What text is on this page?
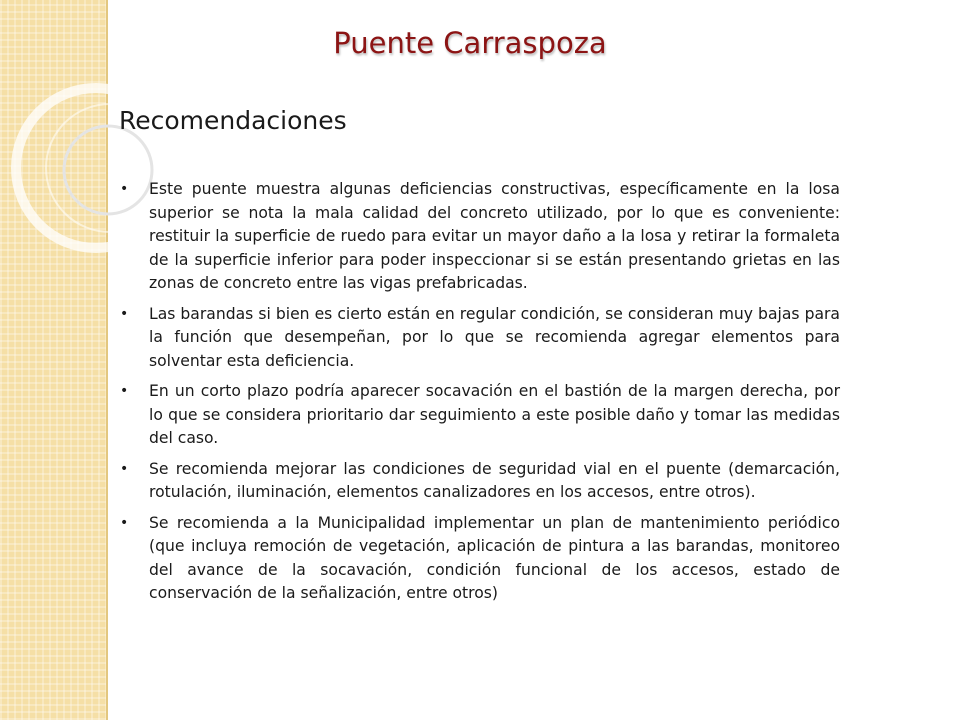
Puente Carraspoza
Recomendaciones
• Este puente muestra algunas deficiencias constructivas, específicamente en la losa superior se nota la mala calidad del concreto utilizado, por lo que es conveniente: restituir la superficie de ruedo para evitar un mayor daño a la losa y retirar la formaleta de la superficie inferior para poder inspeccionar si se están presentando grietas en las zonas de concreto entre las vigas prefabricadas.
• Las barandas si bien es cierto están en regular condición, se consideran muy bajas para la función que desempeñan, por lo que se recomienda agregar elementos para solventar esta deficiencia.
• En un corto plazo podría aparecer socavación en el bastión de la margen derecha, por lo que se considera prioritario dar seguimiento a este posible daño y tomar las medidas del caso.
• Se recomienda mejorar las condiciones de seguridad vial en el puente (demarcación, rotulación, iluminación, elementos canalizadores en los accesos, entre otros).
• Se recomienda a la Municipalidad implementar un plan de mantenimiento periódico (que incluya remoción de vegetación, aplicación de pintura a las barandas, monitoreo del avance de la socavación, condición funcional de los accesos, estado de conservación de la señalización, entre otros)
